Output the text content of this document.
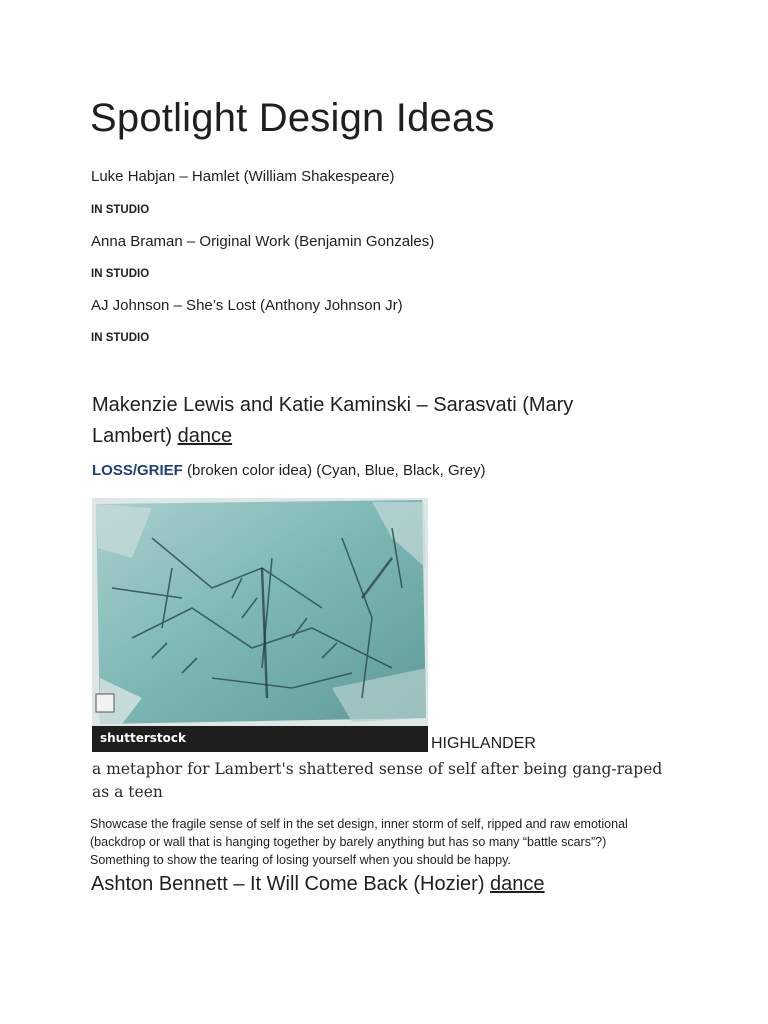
Spotlight Design Ideas

Luke Habjan – Hamlet (William Shakespeare)

IN STUDIO

Anna Braman – Original Work (Benjamin Gonzales)

IN STUDIO

AJ Johnson – She’s Lost (Anthony Johnson Jr)

IN STUDIO

Makenzie Lewis and Katie Kaminski – Sarasvati (Mary Lambert) dance

LOSS/GRIEF (broken color idea) (Cyan, Blue, Black, Grey)

shutterstock	HIGHLANDER

a metaphor for Lambert's shattered sense of self after being gang-raped as a teen

Showcase the fragile sense of self in the set design, inner storm of self, ripped and raw emotional (backdrop or wall that is hanging together by barely anything but has so many “battle scars”?) Something to show the tearing of losing yourself when you should be happy.

Ashton Bennett – It Will Come Back (Hozier) dance
